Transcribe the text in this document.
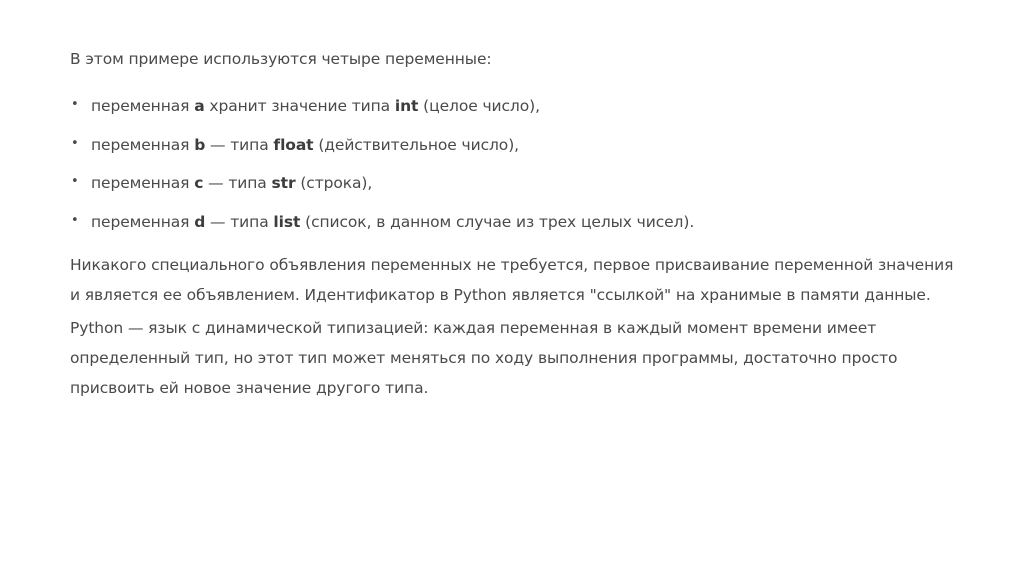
В этом примере используются четыре переменные:

• переменная a хранит значение типа int (целое число),
• переменная b — типа float (действительное число),
• переменная c — типа str (строка),
• переменная d — типа list (список, в данном случае из трех целых чисел).

Никакого специального объявления переменных не требуется, первое присваивание переменной значения

и является ее объявлением. Идентификатор в Python является "ссылкой" на хранимые в памяти данные.

Python — язык с динамической типизацией: каждая переменная в каждый момент времени имеет

определенный тип, но этот тип может меняться по ходу выполнения программы, достаточно просто

присвоить ей новое значение другого типа.
